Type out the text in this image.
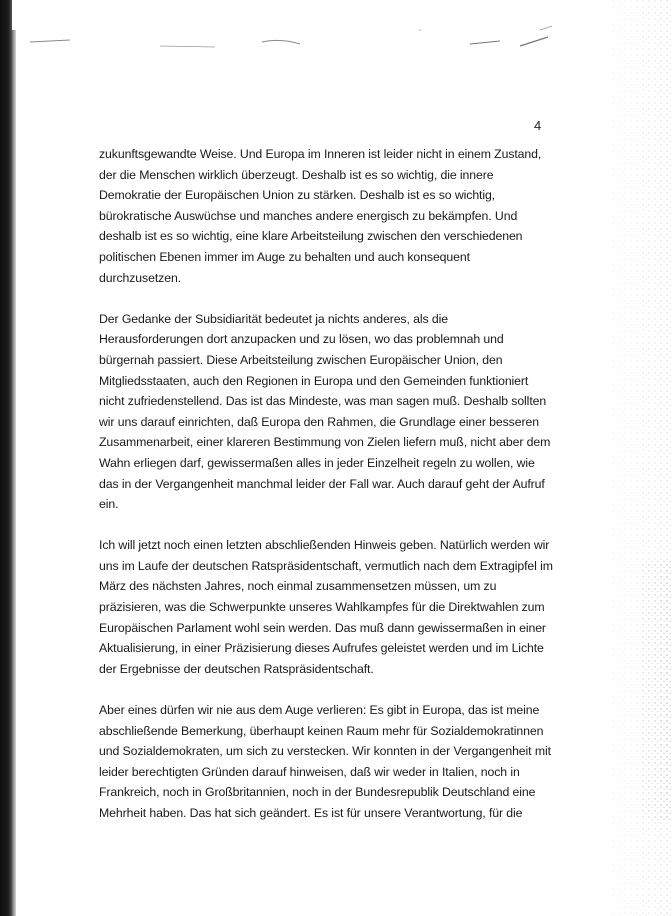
4

zukunftsgewandte Weise. Und Europa im Inneren ist leider nicht in einem Zustand,
der die Menschen wirklich überzeugt. Deshalb ist es so wichtig, die innere
Demokratie der Europäischen Union zu stärken. Deshalb ist es so wichtig,
bürokratische Auswüchse und manches andere energisch zu bekämpfen. Und
deshalb ist es so wichtig, eine klare Arbeitsteilung zwischen den verschiedenen
politischen Ebenen immer im Auge zu behalten und auch konsequent
durchzusetzen.

Der Gedanke der Subsidiarität bedeutet ja nichts anderes, als die
Herausforderungen dort anzupacken und zu lösen, wo das problemnah und
bürgernah passiert. Diese Arbeitsteilung zwischen Europäischer Union, den
Mitgliedsstaaten, auch den Regionen in Europa und den Gemeinden funktioniert
nicht zufriedenstellend. Das ist das Mindeste, was man sagen muß. Deshalb sollten
wir uns darauf einrichten, daß Europa den Rahmen, die Grundlage einer besseren
Zusammenarbeit, einer klareren Bestimmung von Zielen liefern muß, nicht aber dem
Wahn erliegen darf, gewissermaßen alles in jeder Einzelheit regeln zu wollen, wie
das in der Vergangenheit manchmal leider der Fall war. Auch darauf geht der Aufruf
ein.

Ich will jetzt noch einen letzten abschließenden Hinweis geben. Natürlich werden wir
uns im Laufe der deutschen Ratspräsidentschaft, vermutlich nach dem Extragipfel im
März des nächsten Jahres, noch einmal zusammensetzen müssen, um zu
präzisieren, was die Schwerpunkte unseres Wahlkampfes für die Direktwahlen zum
Europäischen Parlament wohl sein werden. Das muß dann gewissermaßen in einer
Aktualisierung, in einer Präzisierung dieses Aufrufes geleistet werden und im Lichte
der Ergebnisse der deutschen Ratspräsidentschaft.

Aber eines dürfen wir nie aus dem Auge verlieren: Es gibt in Europa, das ist meine
abschließende Bemerkung, überhaupt keinen Raum mehr für Sozialdemokratinnen
und Sozialdemokraten, um sich zu verstecken. Wir konnten in der Vergangenheit mit
leider berechtigten Gründen darauf hinweisen, daß wir weder in Italien, noch in
Frankreich, noch in Großbritannien, noch in der Bundesrepublik Deutschland eine
Mehrheit haben. Das hat sich geändert. Es ist für unsere Verantwortung, für die
